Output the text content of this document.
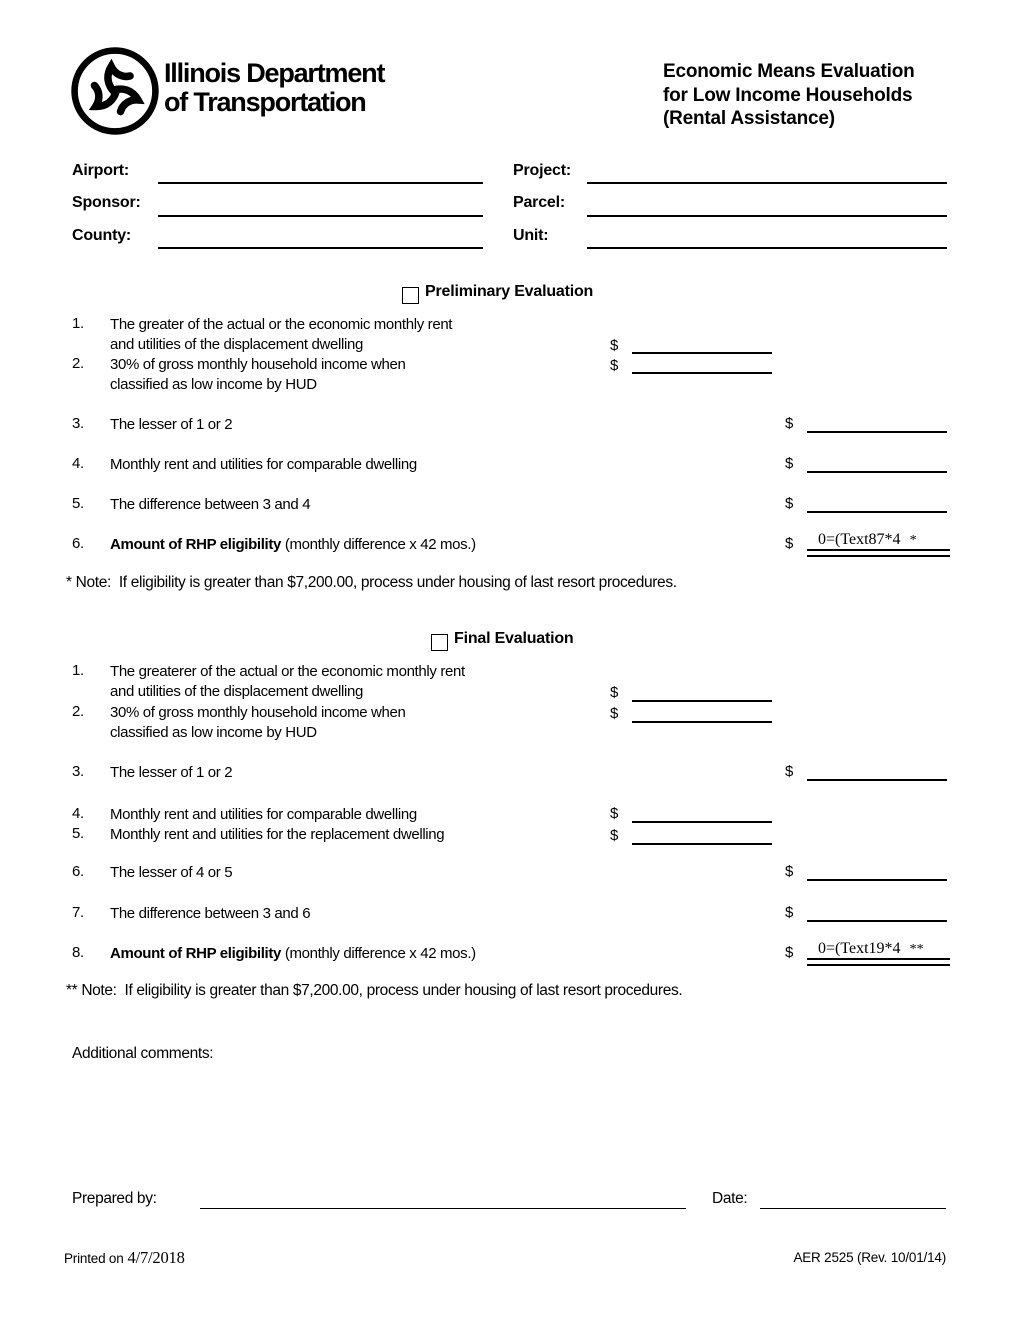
Illinois Department
of Transportation
Economic Means Evaluation
for Low Income Households
(Rental Assistance)
Airport:	Project:
Sponsor:	Parcel:
County:	Unit:
Preliminary Evaluation
1. The greater of the actual or the economic monthly rent
and utilities of the displacement dwelling	$
2. 30% of gross monthly household income when
classified as low income by HUD
$
3. The lesser of 1 or 2	$
4. Monthly rent and utilities for comparable dwelling	$
5. The difference between 3 and 4	$
6. Amount of RHP eligibility (monthly difference x 42 mos.)	$	0=(Text87*4 *
* Note:  If eligibility is greater than $7,200.00, process under housing of last resort procedures.
Final Evaluation
1. The greaterer of the actual or the economic monthly rent
and utilities of the displacement dwelling	$
2. 30% of gross monthly household income when
classified as low income by HUD
$
3. The lesser of 1 or 2	$
4. Monthly rent and utilities for comparable dwelling	$
5. Monthly rent and utilities for the replacement dwelling	$
6. The lesser of 4 or 5	$
7. The difference between 3 and 6	$
8. Amount of RHP eligibility (monthly difference x 42 mos.)	$	0=(Text19*4 **
** Note:  If eligibility is greater than $7,200.00, process under housing of last resort procedures.
Additional comments:
Prepared by:	Date:
Printed on 4/7/2018	AER 2525 (Rev. 10/01/14)
